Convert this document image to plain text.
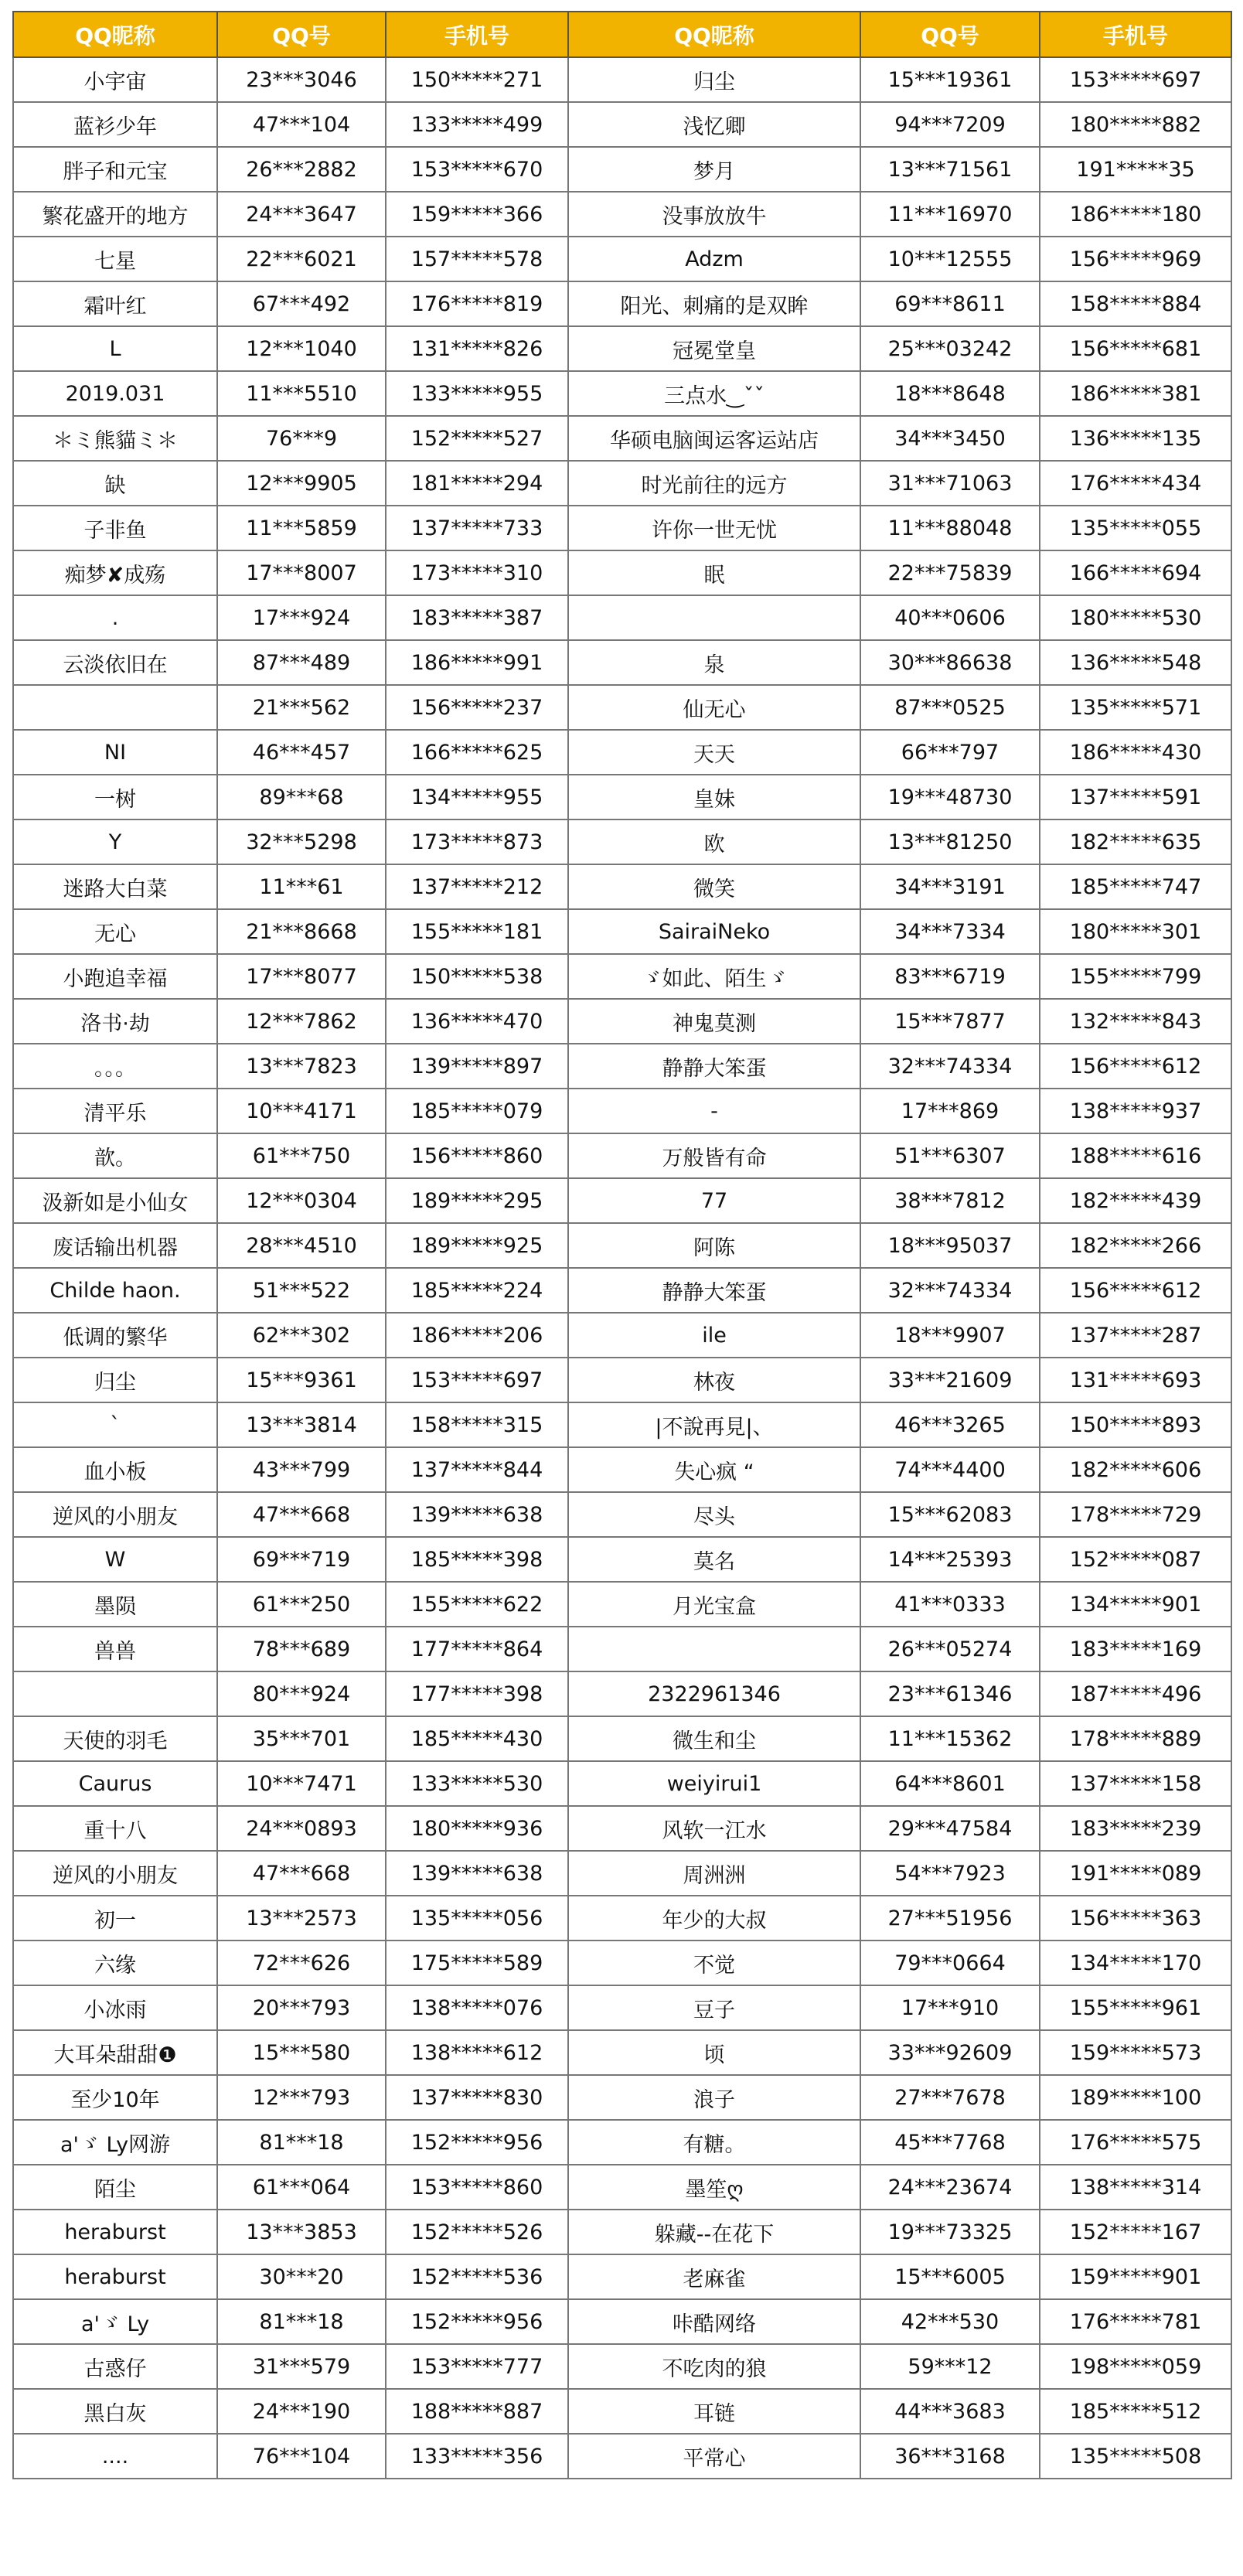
QQ昵称	QQ号	手机号	QQ昵称	QQ号	手机号
小宇宙	23***3046	150*****271	归尘	15***19361	153*****697
蓝衫少年	47***104	133*****499	浅忆卿	94***7209	180*****882
胖子和元宝	26***2882	153*****670	梦月	13***71561	191*****35
繁花盛开的地方	24***3647	159*****366	没事放放牛	11***16970	186*****180
七星	22***6021	157*****578	Adzm	10***12555	156*****969
霜叶红	67***492	176*****819	阳光、刺痛的是双眸	69***8611	158*****884
L	12***1040	131*****826	冠冕堂皇	25***03242	156*****681
2019.031	11***5510	133*****955	三点水‿ˇˇ	18***8648	186*****381
＊ミ熊貓ミ＊	76***9	152*****527	华硕电脑闽运客运站店	34***3450	136*****135
缺	12***9905	181*****294	时光前往的远方	31***71063	176*****434
子非鱼	11***5859	137*****733	许你一世无忧	11***88048	135*****055
痴梦✘成殇	17***8007	173*****310	眠	22***75839	166*****694
.	17***924	183*****387		40***0606	180*****530
云淡依旧在	87***489	186*****991	泉	30***86638	136*****548
	21***562	156*****237	仙无心	87***0525	135*****571
NI	46***457	166*****625	天天	66***797	186*****430
一树	89***68	134*****955	皇妹	19***48730	137*****591
Y	32***5298	173*****873	欧	13***81250	182*****635
迷路大白菜	11***61	137*****212	微笑	34***3191	185*****747
无心	21***8668	155*****181	SairaiNeko	34***7334	180*****301
小跑追幸福	17***8077	150*****538	ゞ如此、陌生ゞ	83***6719	155*****799
洛书·劫	12***7862	136*****470	神鬼莫测	15***7877	132*****843
。。。	13***7823	139*****897	静静大笨蛋	32***74334	156*****612
清平乐	10***4171	185*****079	-	17***869	138*****937
歆。	61***750	156*****860	万般皆有命	51***6307	188*****616
汲新如是小仙女	12***0304	189*****295	77	38***7812	182*****439
废话输出机器	28***4510	189*****925	阿陈	18***95037	182*****266
Childe haon.	51***522	185*****224	静静大笨蛋	32***74334	156*****612
低调的繁华	62***302	186*****206	ile	18***9907	137*****287
归尘	15***9361	153*****697	林夜	33***21609	131*****693
`	13***3814	158*****315	|不說再見|、	46***3265	150*****893
血小板	43***799	137*****844	失心疯 “	74***4400	182*****606
逆风的小朋友	47***668	139*****638	尽头	15***62083	178*****729
W	69***719	185*****398	莫名	14***25393	152*****087
墨陨	61***250	155*****622	月光宝盒	41***0333	134*****901
兽兽	78***689	177*****864		26***05274	183*****169
	80***924	177*****398	2322961346	23***61346	187*****496
天使的羽毛	35***701	185*****430	微生和尘	11***15362	178*****889
Caurus	10***7471	133*****530	weiyirui1	64***8601	137*****158
重十八	24***0893	180*****936	风软一江水	29***47584	183*****239
逆风的小朋友	47***668	139*****638	周洲洲	54***7923	191*****089
初一	13***2573	135*****056	年少的大叔	27***51956	156*****363
六缘	72***626	175*****589	不觉	79***0664	134*****170
小冰雨	20***793	138*****076	豆子	17***910	155*****961
大耳朵甜甜❶	15***580	138*****612	顷	33***92609	159*****573
至少10年	12***793	137*****830	浪子	27***7678	189*****100
a'ゞ Ly网游	81***18	152*****956	有糖。	45***7768	176*****575
陌尘	61***064	153*****860	墨笙ღ	24***23674	138*****314
heraburst	13***3853	152*****526	躲藏--在花下	19***73325	152*****167
heraburst	30***20	152*****536	老麻雀	15***6005	159*****901
a'ゞ Ly	81***18	152*****956	咔酷网络	42***530	176*****781
古惑仔	31***579	153*****777	不吃肉的狼	59***12	198*****059
黑白灰	24***190	188*****887	耳链	44***3683	185*****512
....	76***104	133*****356	平常心	36***3168	135*****508
